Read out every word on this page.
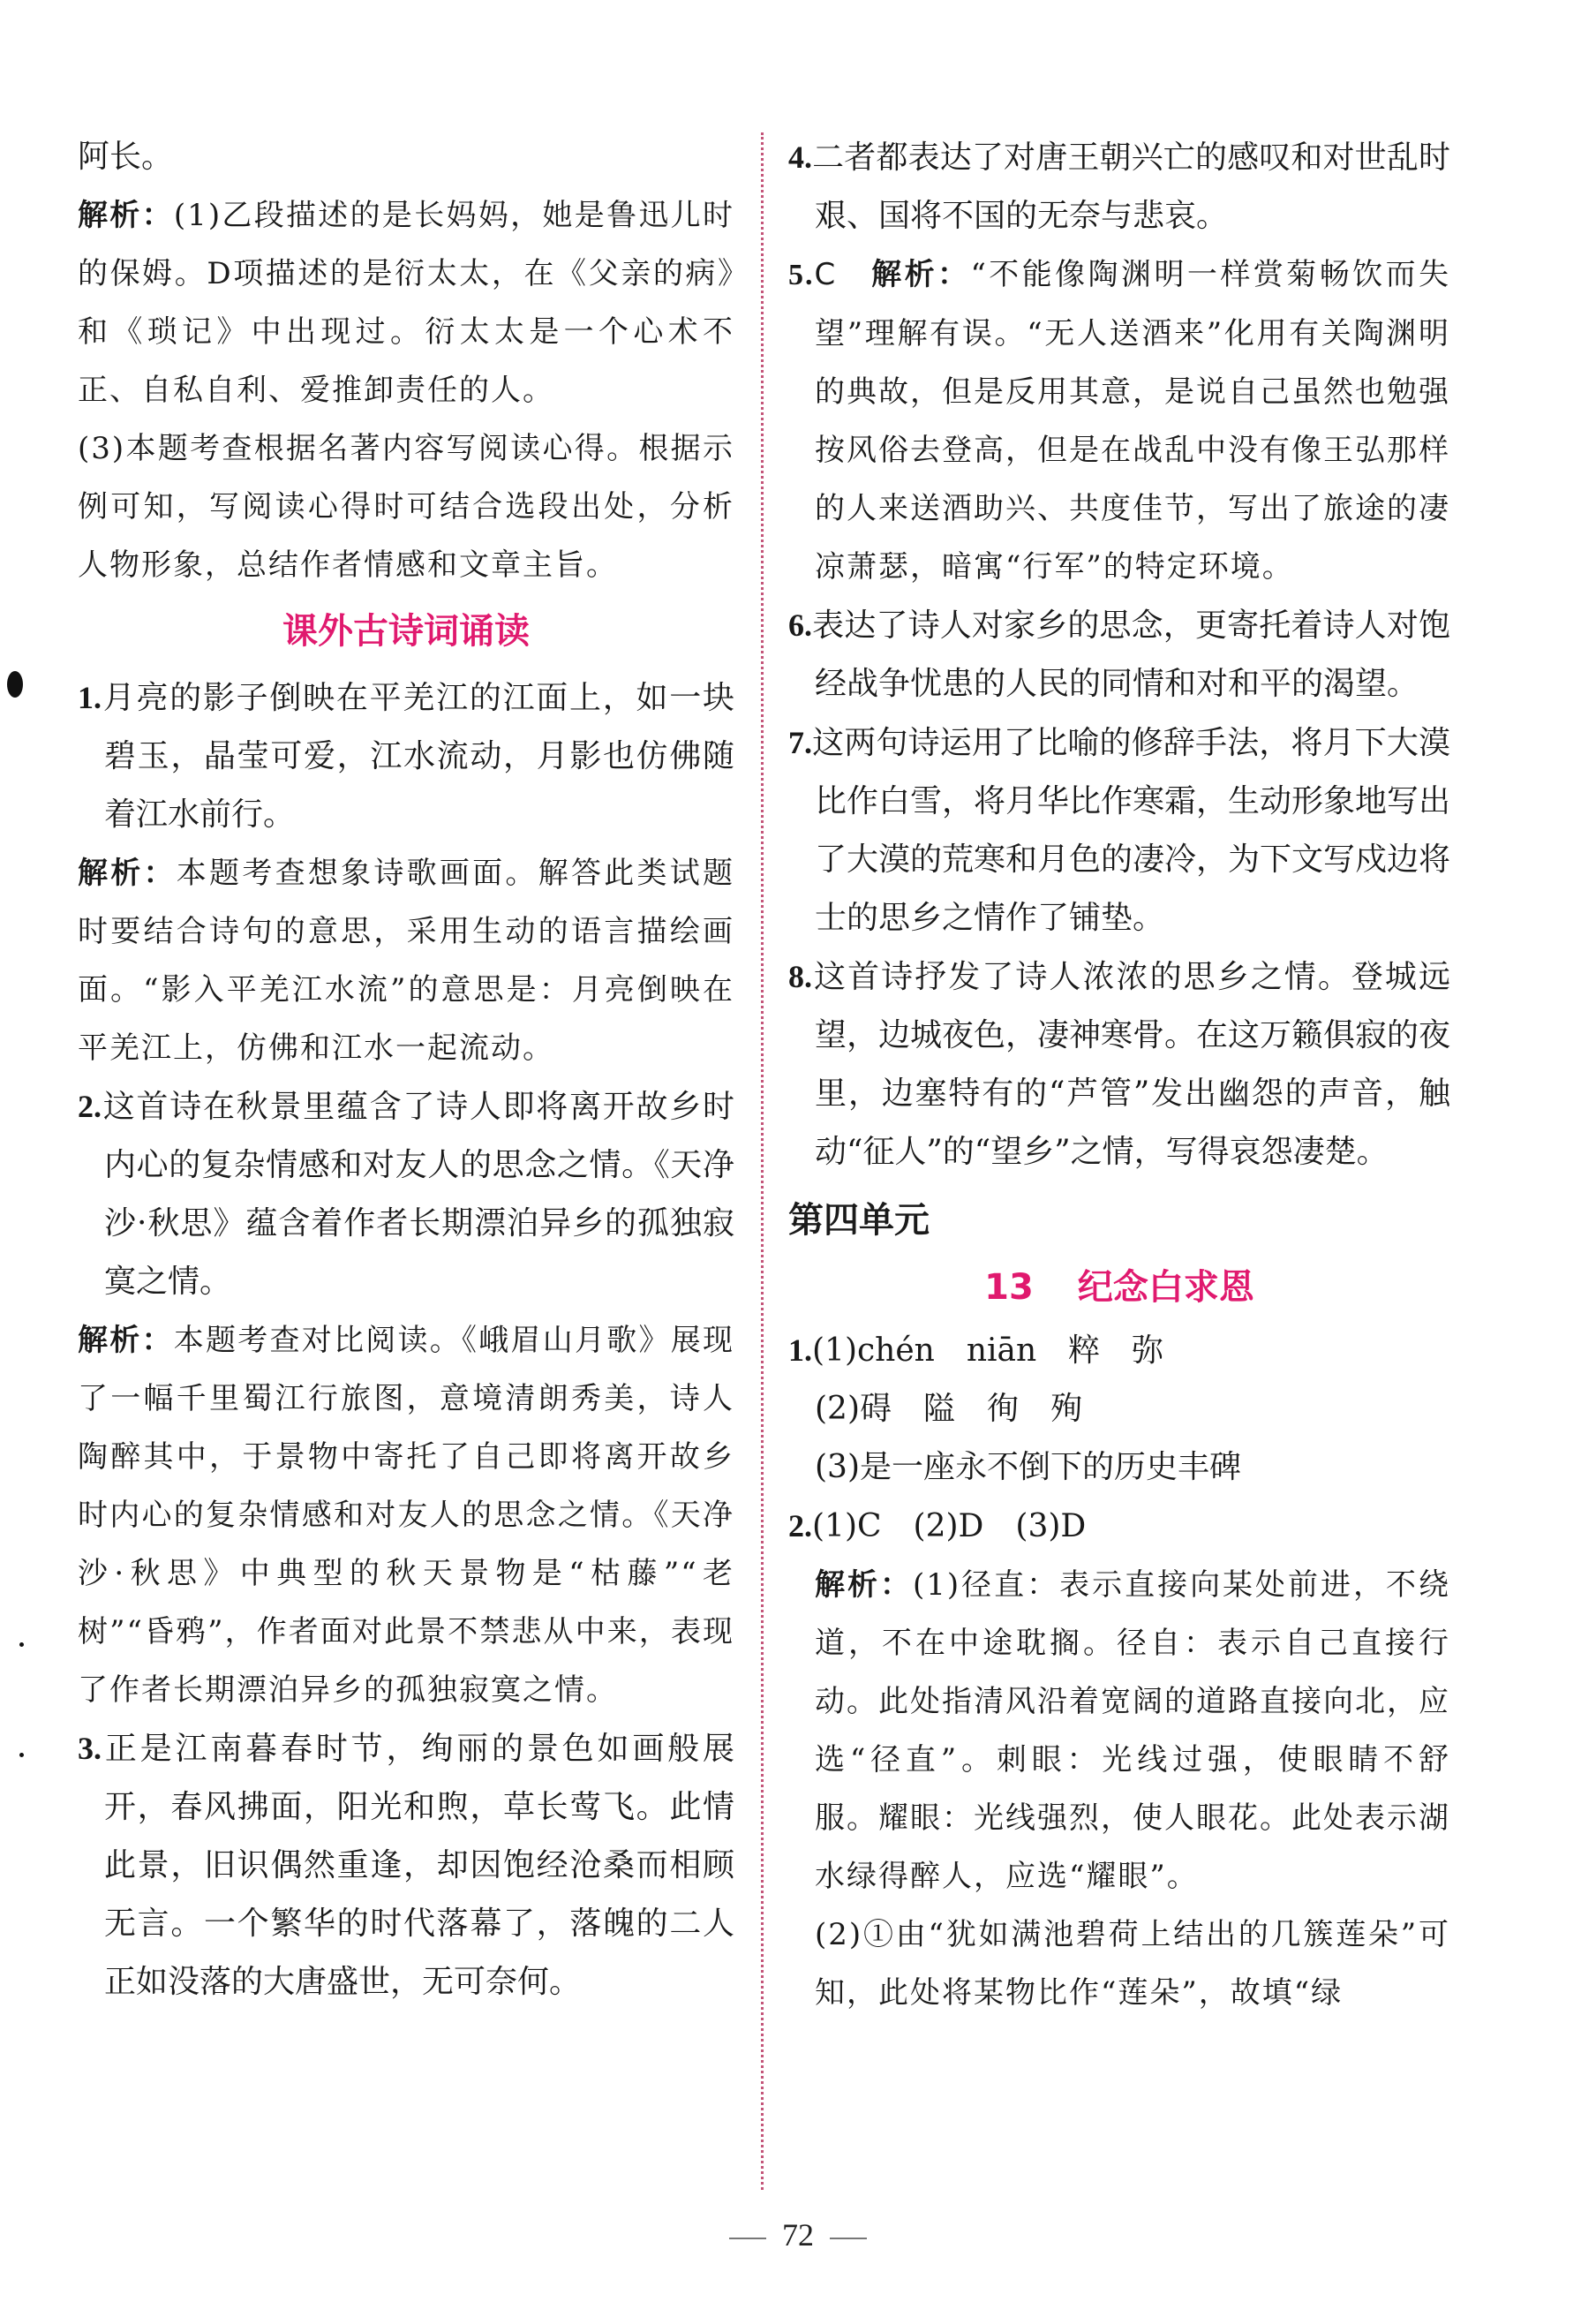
阿长。

解析：(1)乙段描述的是长妈妈，她是鲁迅儿时的保姆。D项描述的是衍太太，在《父亲的病》和《琐记》中出现过。衍太太是一个心术不正、自私自利、爱推卸责任的人。

(3)本题考查根据名著内容写阅读心得。根据示例可知，写阅读心得时可结合选段出处，分析人物形象，总结作者情感和文章主旨。

课外古诗词诵读

1.月亮的影子倒映在平羌江的江面上，如一块碧玉，晶莹可爱，江水流动，月影也仿佛随着江水前行。

解析：本题考查想象诗歌画面。解答此类试题时要结合诗句的意思，采用生动的语言描绘画面。“影入平羌江水流”的意思是：月亮倒映在平羌江上，仿佛和江水一起流动。

2.这首诗在秋景里蕴含了诗人即将离开故乡时内心的复杂情感和对友人的思念之情。《天净沙·秋思》蕴含着作者长期漂泊异乡的孤独寂寞之情。

解析：本题考查对比阅读。《峨眉山月歌》展现了一幅千里蜀江行旅图，意境清朗秀美，诗人陶醉其中，于景物中寄托了自己即将离开故乡时内心的复杂情感和对友人的思念之情。《天净沙·秋思》中典型的秋天景物是“枯藤”“老树”“昏鸦”，作者面对此景不禁悲从中来，表现了作者长期漂泊异乡的孤独寂寞之情。

3.正是江南暮春时节，绚丽的景色如画般展开，春风拂面，阳光和煦，草长莺飞。此情此景，旧识偶然重逢，却因饱经沧桑而相顾无言。一个繁华的时代落幕了，落魄的二人正如没落的大唐盛世，无可奈何。

4.二者都表达了对唐王朝兴亡的感叹和对世乱时艰、国将不国的无奈与悲哀。

5.C　 解析：“不能像陶渊明一样赏菊畅饮而失望”理解有误。“无人送酒来”化用有关陶渊明的典故，但是反用其意，是说自己虽然也勉强按风俗去登高，但是在战乱中没有像王弘那样的人来送酒助兴、共度佳节，写出了旅途的凄凉萧瑟，暗寓“行军”的特定环境。

6.表达了诗人对家乡的思念，更寄托着诗人对饱经战争忧患的人民的同情和对和平的渴望。

7.这两句诗运用了比喻的修辞手法，将月下大漠比作白雪，将月华比作寒霜，生动形象地写出了大漠的荒寒和月色的凄冷，为下文写戍边将士的思乡之情作了铺垫。

8.这首诗抒发了诗人浓浓的思乡之情。登城远望，边城夜色，凄神寒骨。在这万籁俱寂的夜里，边塞特有的“芦管”发出幽怨的声音，触动“征人”的“望乡”之情，写得哀怨凄楚。

第四单元
13 纪念白求恩

1.(1)chén　niān　粹　弥

(2)碍　隘　徇　殉

(3)是一座永不倒下的历史丰碑

2.(1)C　(2)D　(3)D

解析：(1)径直：表示直接向某处前进，不绕道，不在中途耽搁。径自：表示自己直接行动。此处指清风沿着宽阔的道路直接向北，应选“径直”。刺眼：光线过强，使眼睛不舒服。耀眼：光线强烈，使人眼花。此处表示湖水绿得醉人，应选“耀眼”。

(2)①由“犹如满池碧荷上结出的几簇莲朵”可知，此处将某物比作“莲朵”，故填“绿

72
